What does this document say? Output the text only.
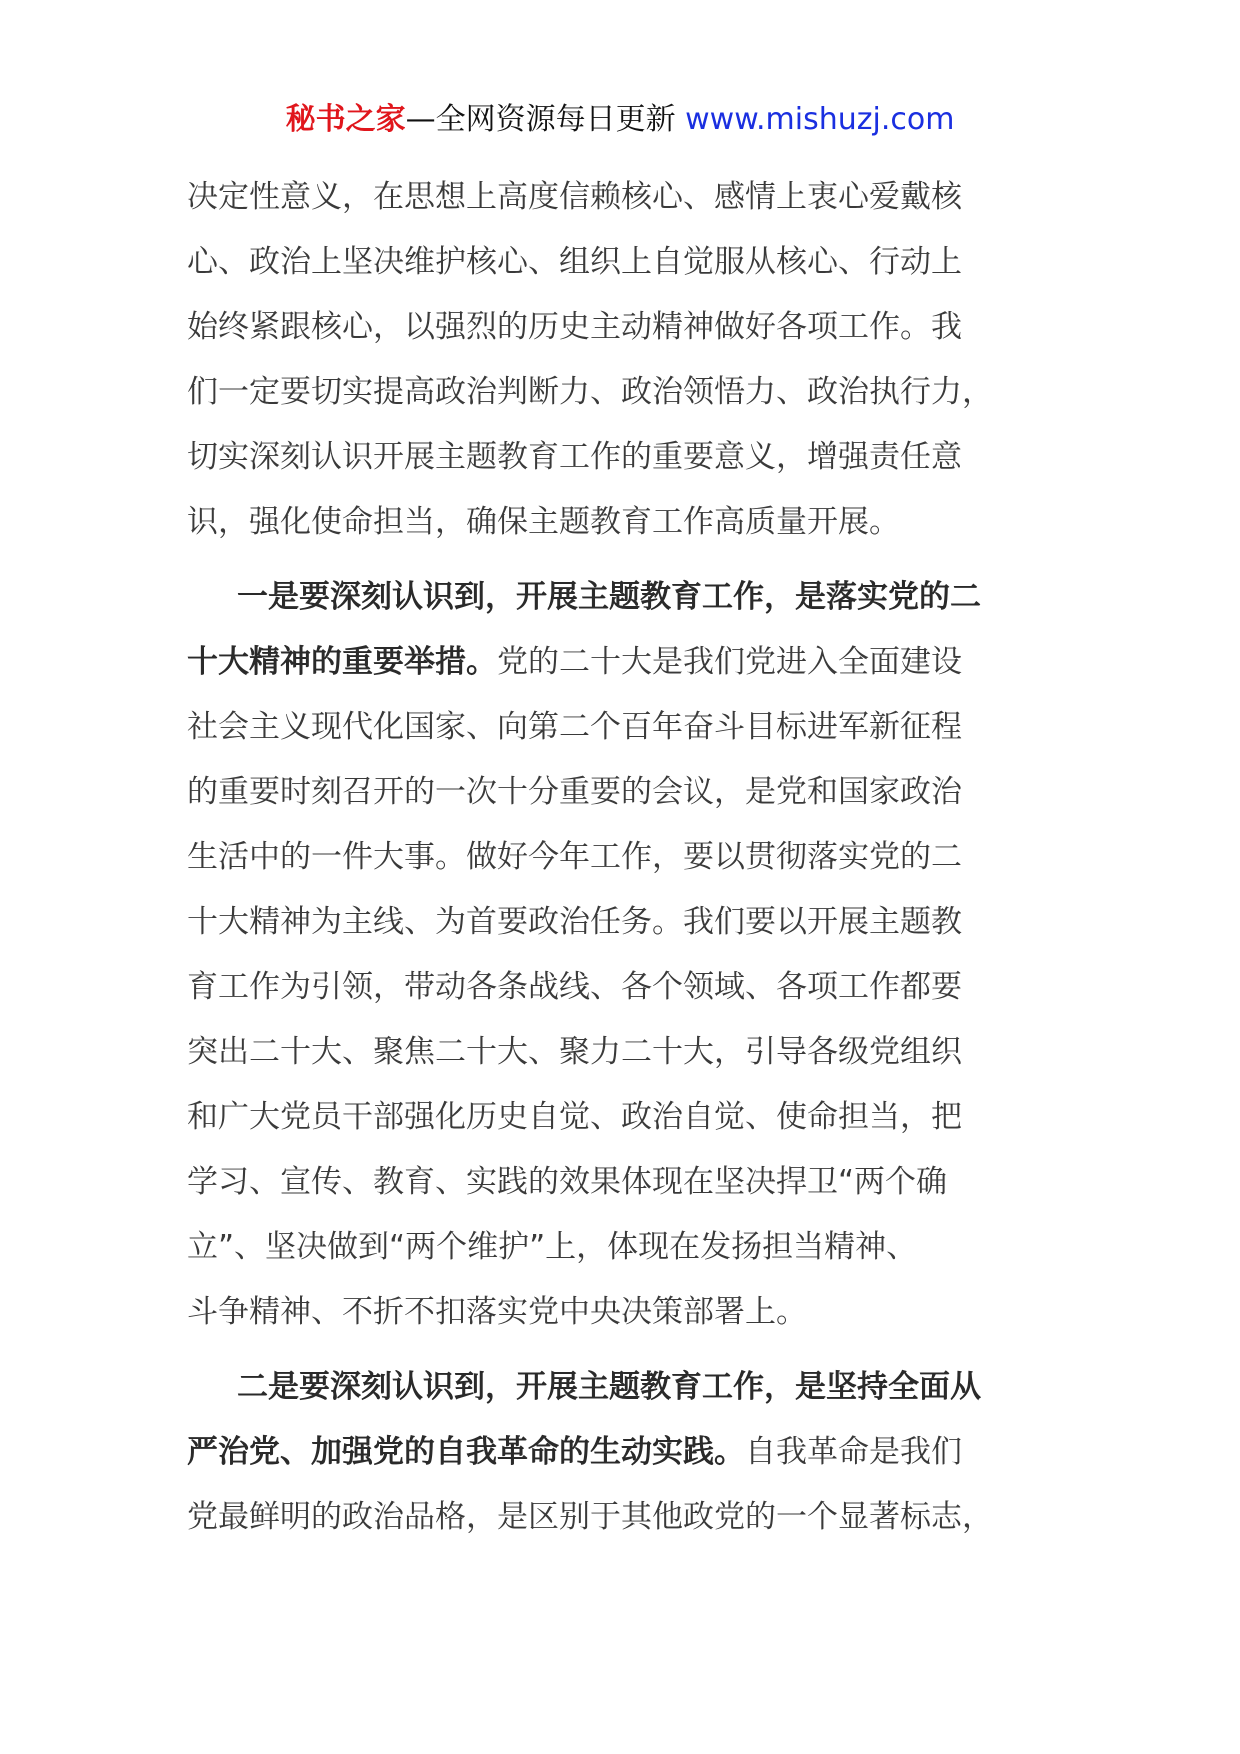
秘书之家—全网资源每日更新 www.mishuzj.com
决定性意义，在思想上高度信赖核心、感情上衷心爱戴核
心、政治上坚决维护核心、组织上自觉服从核心、行动上
始终紧跟核心，以强烈的历史主动精神做好各项工作。我
们一定要切实提高政治判断力、政治领悟力、政治执行力，
切实深刻认识开展主题教育工作的重要意义，增强责任意
识，强化使命担当，确保主题教育工作高质量开展。
一是要深刻认识到，开展主题教育工作，是落实党的二
十大精神的重要举措。党的二十大是我们党进入全面建设
社会主义现代化国家、向第二个百年奋斗目标进军新征程
的重要时刻召开的一次十分重要的会议，是党和国家政治
生活中的一件大事。做好今年工作，要以贯彻落实党的二
十大精神为主线、为首要政治任务。我们要以开展主题教
育工作为引领，带动各条战线、各个领域、各项工作都要
突出二十大、聚焦二十大、聚力二十大，引导各级党组织
和广大党员干部强化历史自觉、政治自觉、使命担当，把
学习、宣传、教育、实践的效果体现在坚决捍卫“两个确
立”、坚决做到“两个维护”上，体现在发扬担当精神、
斗争精神、不折不扣落实党中央决策部署上。
二是要深刻认识到，开展主题教育工作，是坚持全面从
严治党、加强党的自我革命的生动实践。自我革命是我们
党最鲜明的政治品格，是区别于其他政党的一个显著标志，
